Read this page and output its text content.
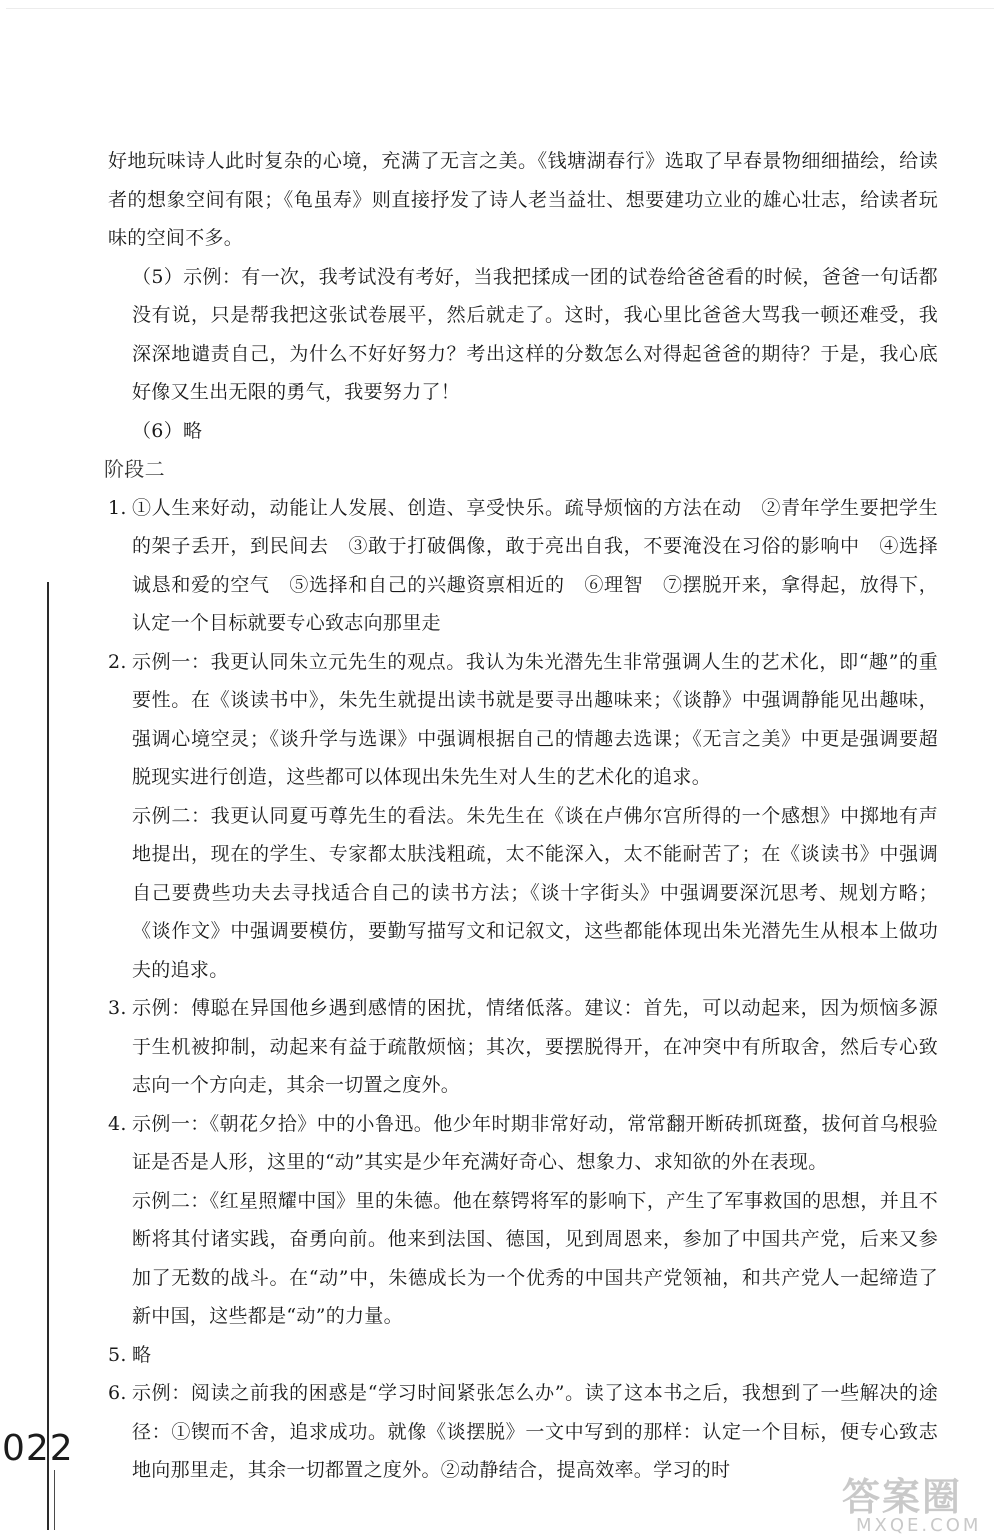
好地玩味诗人此时复杂的心境，充满了无言之美。《钱塘湖春行》选取了早春景物细细描绘，给读者的想象空间有限；《龟虽寿》则直接抒发了诗人老当益壮、想要建功立业的雄心壮志，给读者玩味的空间不多。

（5）示例：有一次，我考试没有考好，当我把揉成一团的试卷给爸爸看的时候，爸爸一句话都没有说，只是帮我把这张试卷展平，然后就走了。这时，我心里比爸爸大骂我一顿还难受，我深深地谴责自己，为什么不好好努力？考出这样的分数怎么对得起爸爸的期待？于是，我心底好像又生出无限的勇气，我要努力了！

（6）略

阶段二

1. ①人生来好动，动能让人发展、创造、享受快乐。疏导烦恼的方法在动　②青年学生要把学生的架子丢开，到民间去　③敢于打破偶像，敢于亮出自我，不要淹没在习俗的影响中　④选择诚恳和爱的空气　⑤选择和自己的兴趣资禀相近的　⑥理智　⑦摆脱开来，拿得起，放得下，认定一个目标就要专心致志向那里走

2. 示例一：我更认同朱立元先生的观点。我认为朱光潜先生非常强调人生的艺术化，即“趣”的重要性。在《谈读书中》，朱先生就提出读书就是要寻出趣味来；《谈静》中强调静能见出趣味，强调心境空灵；《谈升学与选课》中强调根据自己的情趣去选课；《无言之美》中更是强调要超脱现实进行创造，这些都可以体现出朱先生对人生的艺术化的追求。

示例二：我更认同夏丏尊先生的看法。朱先生在《谈在卢佛尔宫所得的一个感想》中掷地有声地提出，现在的学生、专家都太肤浅粗疏，太不能深入，太不能耐苦了；在《谈读书》中强调自己要费些功夫去寻找适合自己的读书方法；《谈十字街头》中强调要深沉思考、规划方略；《谈作文》中强调要模仿，要勤写描写文和记叙文，这些都能体现出朱光潜先生从根本上做功夫的追求。

3. 示例：傅聪在异国他乡遇到感情的困扰，情绪低落。建议：首先，可以动起来，因为烦恼多源于生机被抑制，动起来有益于疏散烦恼；其次，要摆脱得开，在冲突中有所取舍，然后专心致志向一个方向走，其余一切置之度外。

4. 示例一：《朝花夕拾》中的小鲁迅。他少年时期非常好动，常常翻开断砖抓斑蝥，拔何首乌根验证是否是人形，这里的“动”其实是少年充满好奇心、想象力、求知欲的外在表现。

示例二：《红星照耀中国》里的朱德。他在蔡锷将军的影响下，产生了军事救国的思想，并且不断将其付诸实践，奋勇向前。他来到法国、德国，见到周恩来，参加了中国共产党，后来又参加了无数的战斗。在“动”中，朱德成长为一个优秀的中国共产党领袖，和共产党人一起缔造了新中国，这些都是“动”的力量。

5. 略

6. 示例：阅读之前我的困惑是“学习时间紧张怎么办”。读了这本书之后，我想到了一些解决的途径：①锲而不舍，追求成功。就像《谈摆脱》一文中写到的那样：认定一个目标，便专心致志地向那里走，其余一切都置之度外。②动静结合，提高效率。学习的时

022
答案圈
MXQE.COM
